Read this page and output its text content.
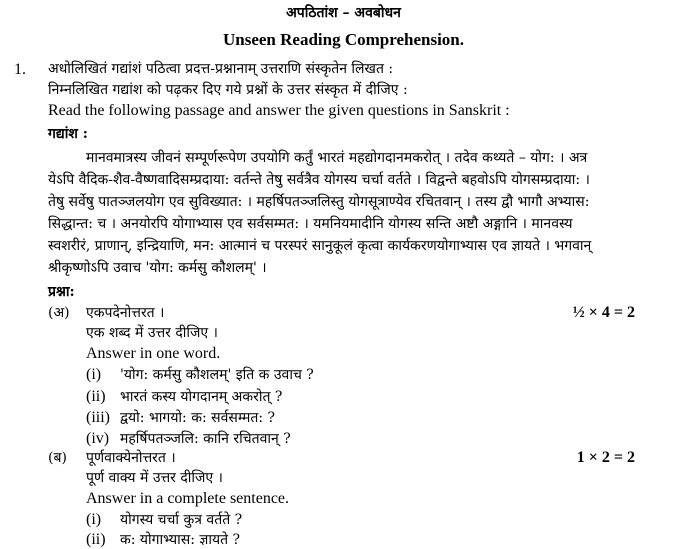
अपठितांश – अवबोधन
Unseen Reading Comprehension.
1. अधोलिखितं गद्यांशं पठित्वा प्रदत्त-प्रश्नानाम् उत्तराणि संस्कृतेन लिखत :
निम्नलिखित गद्यांश को पढ़कर दिए गये प्रश्नों के उत्तर संस्कृत में दीजिए :
Read the following passage and answer the given questions in Sanskrit :
गद्यांश :
मानवमात्रस्य जीवनं सम्पूर्णरूपेण उपयोगि कर्तुं भारतं महद्योगदानमकरोत् । तदेव कथ्यते – योग: । अत्र
येऽपि वैदिक-शैव-वैष्णवादिसम्प्रदाया: वर्तन्ते तेषु सर्वत्रैव योगस्य चर्चा वर्तते । विद्वन्ते बहवोऽपि योगसम्प्रदाया: ।
तेषु सर्वेषु पातञ्जलयोग एव सुविख्यात: । महर्षिपतञ्जलिस्तु योगसूत्राण्येव रचितवान् । तस्य द्वौ भागौ अभ्यास:
सिद्धान्त: च । अनयोरपि योगाभ्यास एव सर्वसम्मत: । यमनियमादीनि योगस्य सन्ति अष्टौ अङ्गानि । मानवस्य
स्वशरीरं, प्राणान्, इन्द्रियाणि, मन: आत्मानं च परस्परं सानुकूलं कृत्वा कार्यकरणयोगाभ्यास एव ज्ञायते । भगवान्
श्रीकृष्णोऽपि उवाच 'योग: कर्मसु कौशलम्' ।
प्रश्ना:
(अ) एकपदेनोत्तरत ।	½ × 4 = 2
एक शब्द में उत्तर दीजिए ।
Answer in one word.
(i) 'योग: कर्मसु कौशलम्' इति क उवाच ?
(ii) भारतं कस्य योगदानम् अकरोत् ?
(iii) द्वयो: भागयो: क: सर्वसम्मत: ?
(iv) महर्षिपतञ्जलि: कानि रचितवान् ?
(ब) पूर्णवाक्येनोत्तरत ।	1 × 2 = 2
पूर्ण वाक्य में उत्तर दीजिए ।
Answer in a complete sentence.
(i) योगस्य चर्चा कुत्र वर्तते ?
(ii) क: योगाभ्यास: ज्ञायते ?
